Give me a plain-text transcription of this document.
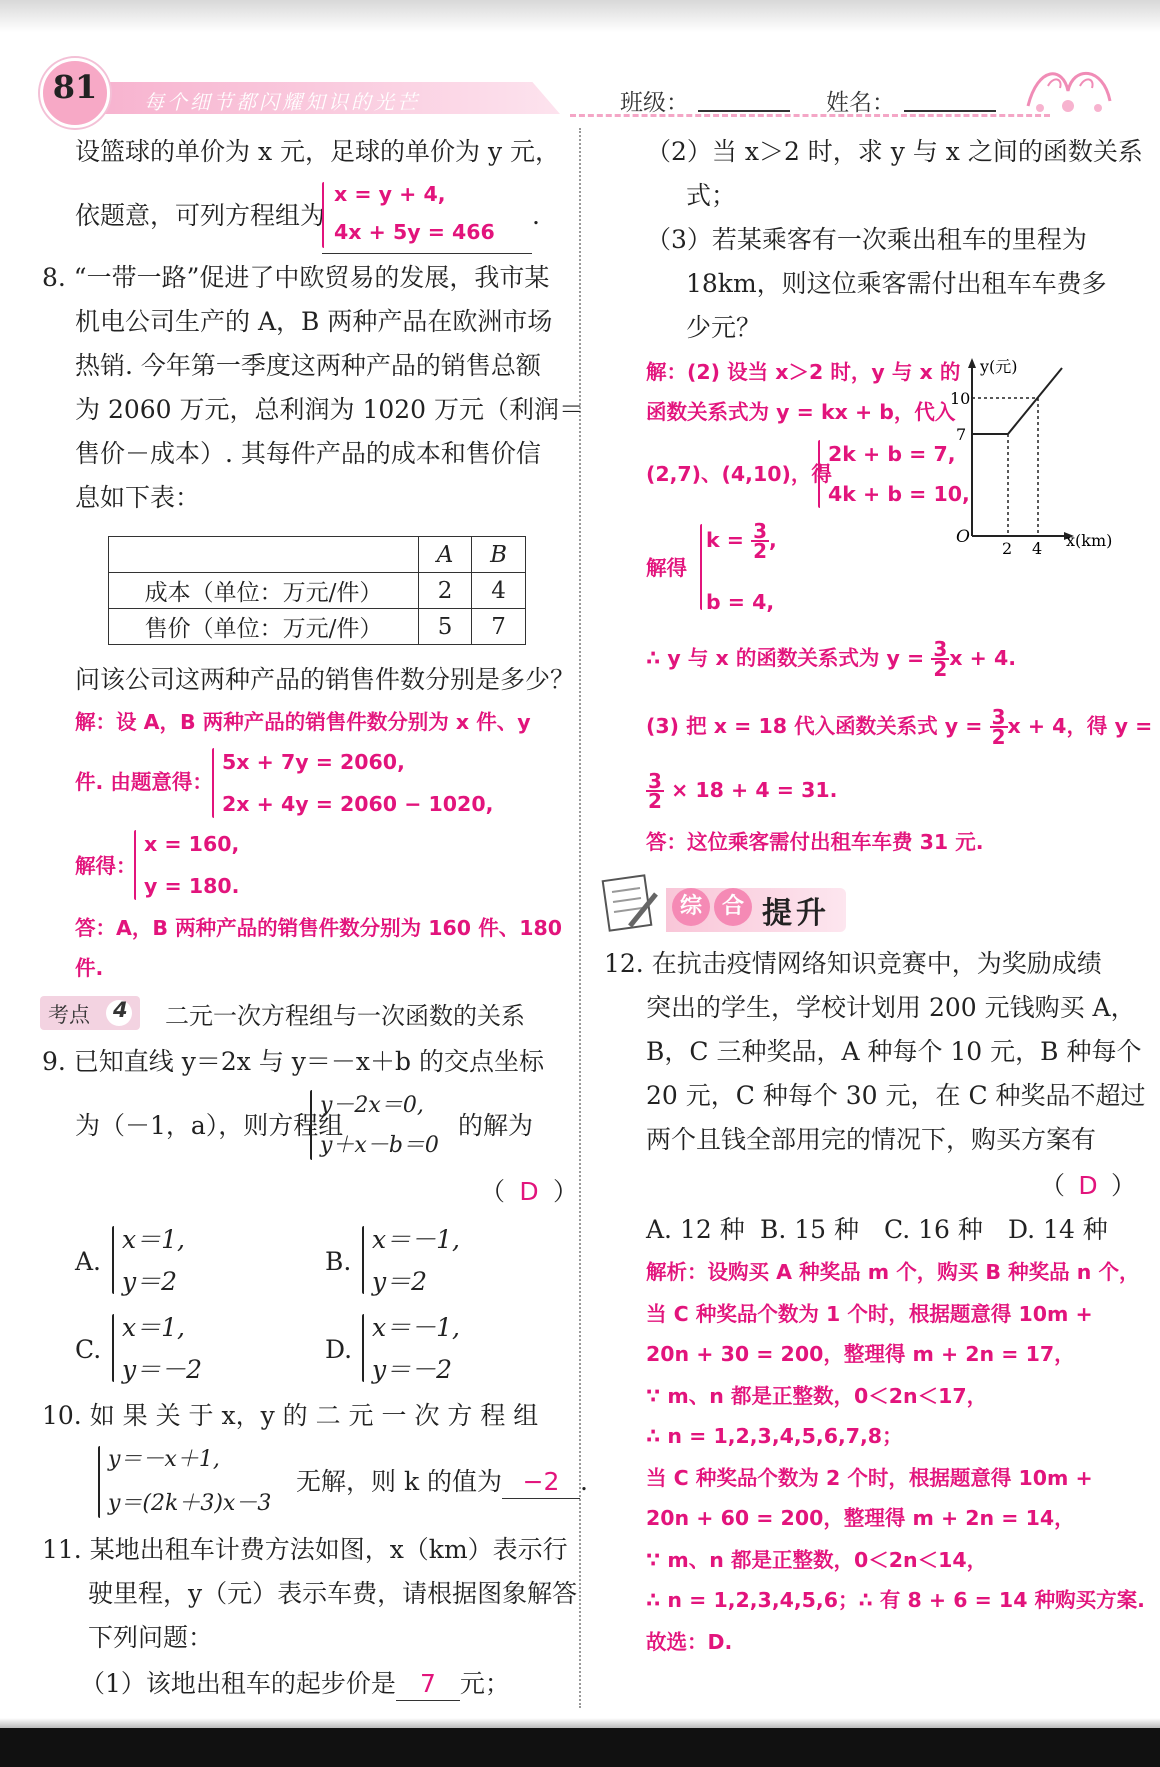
81	每个细节都闪耀知识的光芒	班级：	姓名：
设篮球的单价为 x 元，足球的单价为 y 元，
依题意，可列方程组为
x = y + 4,
4x + 5y = 466
.
8. “一带一路”促进了中欧贸易的发展，我市某
机电公司生产的 A，B 两种产品在欧洲市场
热销. 今年第一季度这两种产品的销售总额
为 2060 万元，总利润为 1020 万元（利润＝
售价－成本）. 其每件产品的成本和售价信
息如下表：
	A	B
成本（单位：万元/件）	2	4
售价（单位：万元/件）	5	7
问该公司这两种产品的销售件数分别是多少？
解：设 A，B 两种产品的销售件数分别为 x 件、y
件. 由题意得：
5x + 7y = 2060,
2x + 4y = 2060 − 1020,
解得：
x = 160,
y = 180.
答：A，B 两种产品的销售件数分别为 160 件、180
件.
考点 4 二元一次方程组与一次函数的关系
9. 已知直线 y＝2x 与 y＝－x＋b 的交点坐标
为（－1，a），则方程组
y－2x＝0,
y＋x－b＝0
的解为
（ D ）
A.
x＝1,
y＝2
B.
x＝－1,
y＝2
C.
x＝1,
y＝－2
D.
x＝－1,
y＝－2
10. 如 果 关 于 x，y 的 二 元 一 次 方 程 组
y＝－x＋1,
y＝(2k＋3)x－3
无解，则 k 的值为 −2 .
11. 某地出租车计费方法如图，x（km）表示行
驶里程，y（元）表示车费，请根据图象解答
下列问题：
（1）该地出租车的起步价是 7 元；
（2）当 x＞2 时，求 y 与 x 之间的函数关系
式；
（3）若某乘客有一次乘出租车的里程为
18km，则这位乘客需付出租车车费多
少元？
解：(2) 设当 x＞2 时，y 与 x 的
函数关系式为 y = kx + b，代入
(2,7)、(4,10)，得
2k + b = 7,
4k + b = 10,
解得
$k = \frac{3}{2}$ ,
b = 4,
∴ y 与 x 的函数关系式为 $y = \frac{3}{2}$ x + 4.
(3) 把 x = 18 代入函数关系式 $y = \frac{3}{2}$ x + 4，得 y =
$\frac{3}{2} \times 18 + 4 = 31$.
答：这位乘客需付出租车车费 31 元.
y(元)
x(km)
O
2 4
7
10
综 合 提升
12. 在抗击疫情网络知识竞赛中，为奖励成绩
突出的学生，学校计划用 200 元钱购买 A，
B，C 三种奖品，A 种每个 10 元，B 种每个
20 元，C 种每个 30 元，在 C 种奖品不超过
两个且钱全部用完的情况下，购买方案有
（ D ）
A. 12 种 B. 15 种 C. 16 种 D. 14 种
解析：设购买 A 种奖品 m 个，购买 B 种奖品 n 个，
当 C 种奖品个数为 1 个时，根据题意得 10m +
20n + 30 = 200，整理得 m + 2n = 17，
∵ m、n 都是正整数，0＜2n＜17，
∴ n = 1,2,3,4,5,6,7,8；
当 C 种奖品个数为 2 个时，根据题意得 10m +
20n + 60 = 200，整理得 m + 2n = 14，
∵ m、n 都是正整数，0＜2n＜14，
∴ n = 1,2,3,4,5,6；∴ 有 8 + 6 = 14 种购买方案.
故选：D.
